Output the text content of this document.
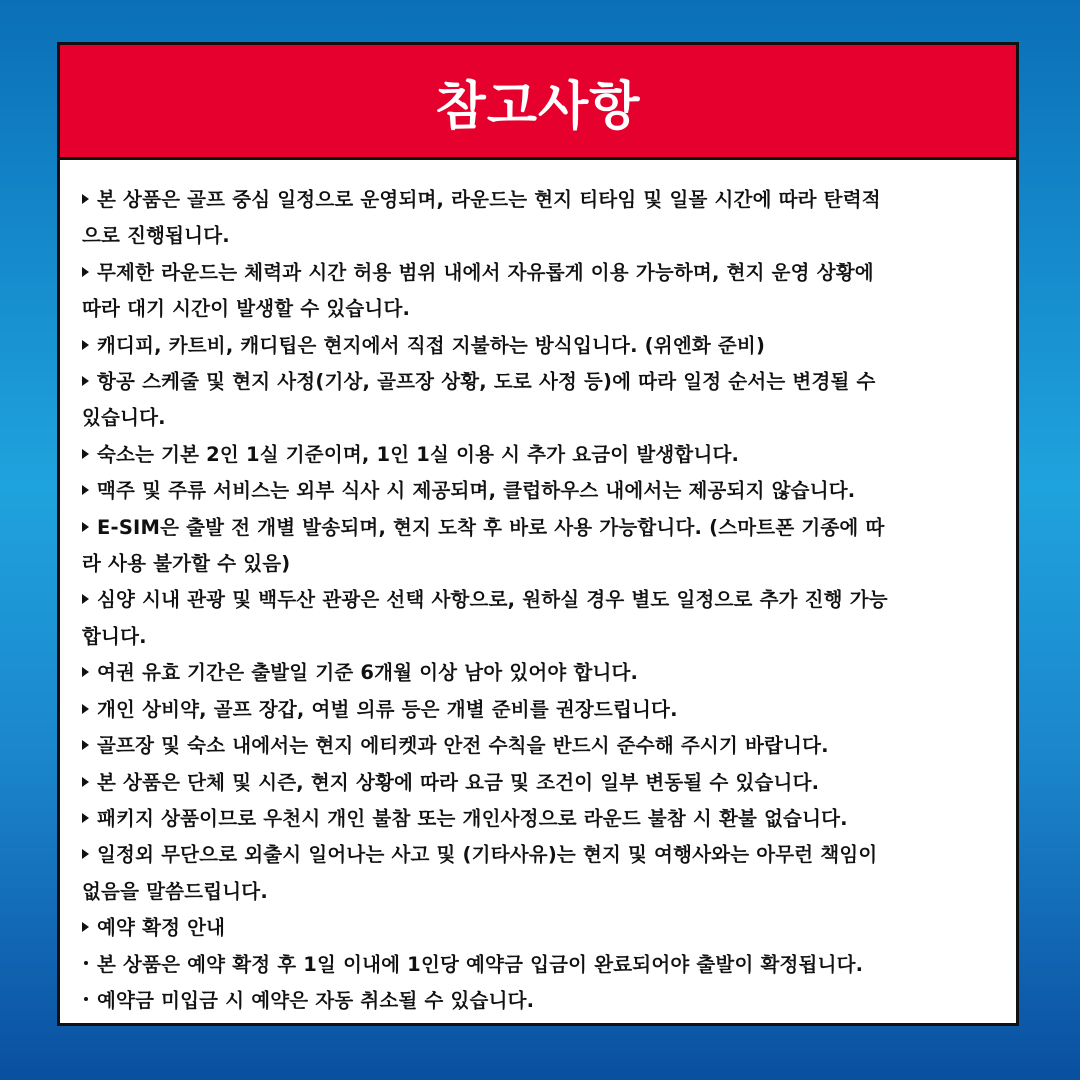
참고사항
본 상품은 골프 중심 일정으로 운영되며, 라운드는 현지 티타임 및 일몰 시간에 따라 탄력적
으로 진행됩니다.
무제한 라운드는 체력과 시간 허용 범위 내에서 자유롭게 이용 가능하며, 현지 운영 상황에
따라 대기 시간이 발생할 수 있습니다.
캐디피, 카트비, 캐디팁은 현지에서 직접 지불하는 방식입니다. (위엔화 준비)
항공 스케줄 및 현지 사정(기상, 골프장 상황, 도로 사정 등)에 따라 일정 순서는 변경될 수
있습니다.
숙소는 기본 2인 1실 기준이며, 1인 1실 이용 시 추가 요금이 발생합니다.
맥주 및 주류 서비스는 외부 식사 시 제공되며, 클럽하우스 내에서는 제공되지 않습니다.
E-SIM은 출발 전 개별 발송되며, 현지 도착 후 바로 사용 가능합니다. (스마트폰 기종에 따
라 사용 불가할 수 있음)
심양 시내 관광 및 백두산 관광은 선택 사항으로, 원하실 경우 별도 일정으로 추가 진행 가능
합니다.
여권 유효 기간은 출발일 기준 6개월 이상 남아 있어야 합니다.
개인 상비약, 골프 장갑, 여벌 의류 등은 개별 준비를 권장드립니다.
골프장 및 숙소 내에서는 현지 에티켓과 안전 수칙을 반드시 준수해 주시기 바랍니다.
본 상품은 단체 및 시즌, 현지 상황에 따라 요금 및 조건이 일부 변동될 수 있습니다.
패키지 상품이므로 우천시 개인 불참 또는 개인사정으로 라운드 불참 시 환불 없습니다.
일정외 무단으로 외출시 일어나는 사고 및 (기타사유)는 현지 및 여행사와는 아무런 책임이
없음을 말씀드립니다.
예약 확정 안내
본 상품은 예약 확정 후 1일 이내에 1인당 예약금 입금이 완료되어야 출발이 확정됩니다.
예약금 미입금 시 예약은 자동 취소될 수 있습니다.
